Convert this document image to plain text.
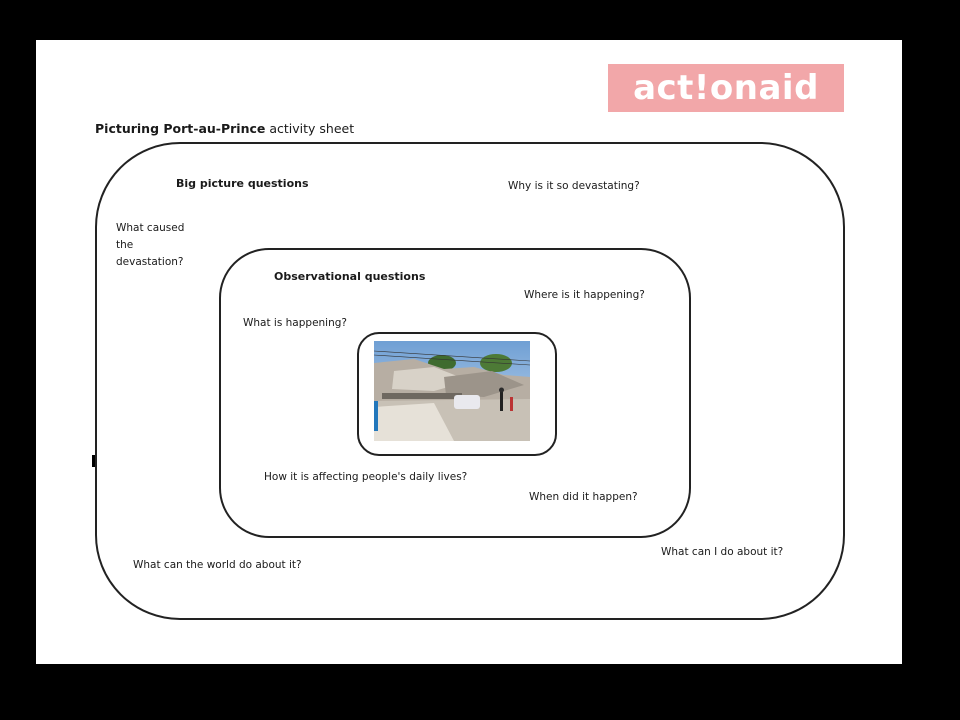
act!onaid
Picturing Port-au-Prince activity sheet
Big picture questions	Why is it so devastating?
What caused
the
devastation?
Observational questions
Where is it happening?
What is happening?
How it is affecting people's daily lives?
When did it happen?
What can I do about it?
What can the world do about it?
